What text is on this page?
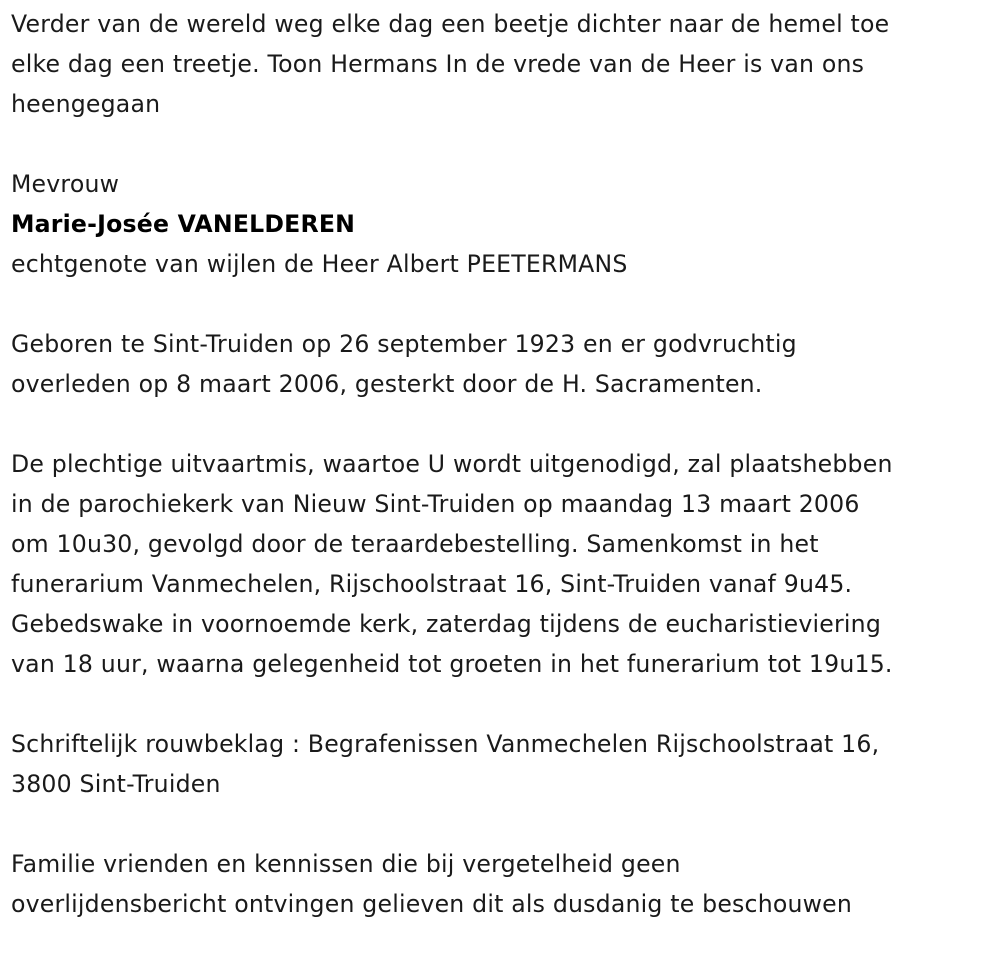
Verder van de wereld weg elke dag een beetje dichter naar de hemel toe

elke dag een treetje. Toon Hermans In de vrede van de Heer is van ons

heengegaan

Mevrouw

Marie-Josée VANELDEREN

echtgenote van wijlen de Heer Albert PEETERMANS

Geboren te Sint-Truiden op 26 september 1923 en er godvruchtig

overleden op 8 maart 2006, gesterkt door de H. Sacramenten.

De plechtige uitvaartmis, waartoe U wordt uitgenodigd, zal plaatshebben

in de parochiekerk van Nieuw Sint-Truiden op maandag 13 maart 2006

om 10u30, gevolgd door de teraardebestelling. Samenkomst in het

funerarium Vanmechelen, Rijschoolstraat 16, Sint-Truiden vanaf 9u45.

Gebedswake in voornoemde kerk, zaterdag tijdens de eucharistieviering

van 18 uur, waarna gelegenheid tot groeten in het funerarium tot 19u15.

Schriftelijk rouwbeklag : Begrafenissen Vanmechelen Rijschoolstraat 16,

3800 Sint-Truiden

Familie vrienden en kennissen die bij vergetelheid geen

overlijdensbericht ontvingen gelieven dit als dusdanig te beschouwen
